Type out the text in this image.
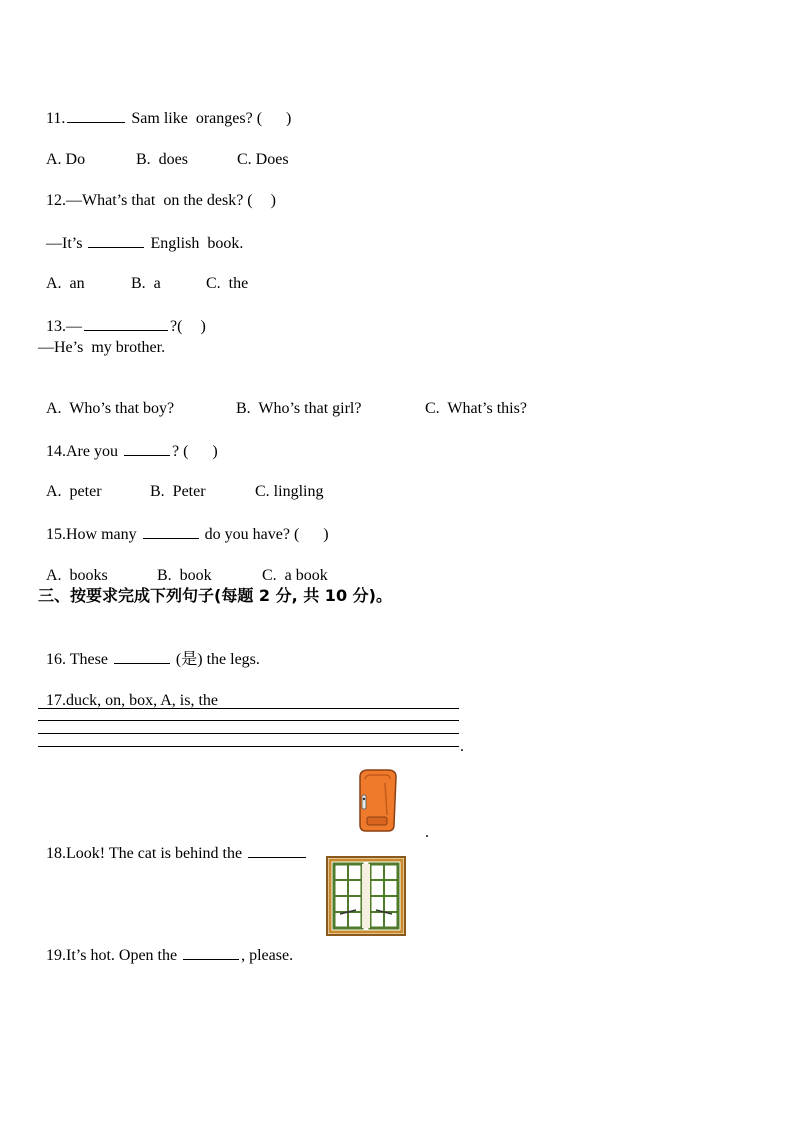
11.	Sam like  oranges? ( )

A. Do	B.  does	C. Does

12.—What’s that  on the desk? ( )

—It’s	English  book.

A.  an	B.  a	C.  the

13.—	?( )

—He’s  my brother.

A.  Who’s that boy?	B.  Who’s that girl?	C.  What’s this?

14.Are you	? ( )

A.  peter	B.  Peter	C. lingling

15.How many	do you have? ( )

A.  books	B.  book	C.  a book

三、按要求完成下列句子(每题 2 分, 共 10 分)。

16. These	(是) the legs.

17.duck, on, box, A, is, the

.

18.Look! The cat is behind the

.

19.It’s hot. Open the	, please.
